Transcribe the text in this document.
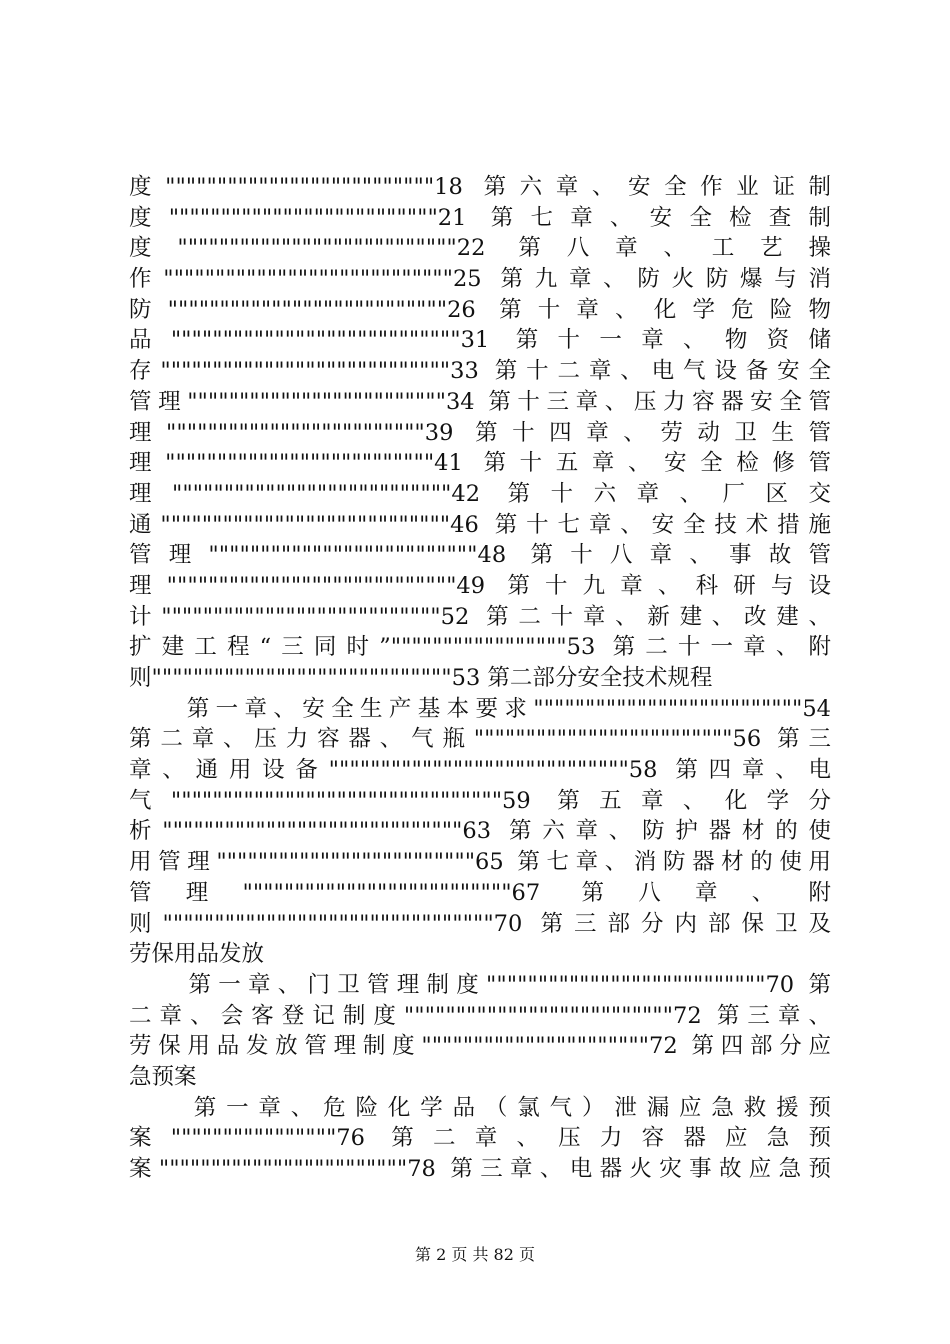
度""""""""""""""""""""""""""18 第六章、安全作业证制
度""""""""""""""""""""""""""21 第七章、安全检查制
度"""""""""""""""""""""""""""22 第八章、工艺操
作""""""""""""""""""""""""""""25 第九章、防火防爆与消
防"""""""""""""""""""""""""""26 第十章、化学危险物
品""""""""""""""""""""""""""""31 第十一章、物资储
存""""""""""""""""""""""""""""33 第十二章、电气设备安全
管理"""""""""""""""""""""""""34 第十三章、压力容器安全管
理"""""""""""""""""""""""""39 第十四章、劳动卫生管
理""""""""""""""""""""""""""41 第十五章、安全检修管
理"""""""""""""""""""""""""""42 第十六章、厂区交
通""""""""""""""""""""""""""""46 第十七章、安全技术措施
管理""""""""""""""""""""""""""48 第十八章、事故管
理""""""""""""""""""""""""""""49 第十九章、科研与设
计"""""""""""""""""""""""""""52 第二十章、新建、改建、
扩建工程“三同时”"""""""""""""""""53 第二十一章、附
则"""""""""""""""""""""""""""""53 第二部分安全技术规程
　　第一章、安全生产基本要求""""""""""""""""""""""""""54
第二章、压力容器、气瓶"""""""""""""""""""""""""56 第三
章、通用设备"""""""""""""""""""""""""""""58 第四章、电
气""""""""""""""""""""""""""""""""59 第五章、化学分
析"""""""""""""""""""""""""""""63 第六章、防护器材的使
用管理"""""""""""""""""""""""""65 第七章、消防器材的使用
管理""""""""""""""""""""""""""67 第八章、附
则""""""""""""""""""""""""""""""""70 第三部分内部保卫及
劳保用品发放
　　第一章、门卫管理制度"""""""""""""""""""""""""""70 第
二章、会客登记制度""""""""""""""""""""""""""72 第三章、
劳保用品发放管理制度""""""""""""""""""""""72 第四部分应
急预案
　　第一章、危险化学品（氯气）泄漏应急救援预
案""""""""""""""""76 第二章、压力容器应急预
案""""""""""""""""""""""""78 第三章、电器火灾事故应急预
第 2 页 共 82 页
